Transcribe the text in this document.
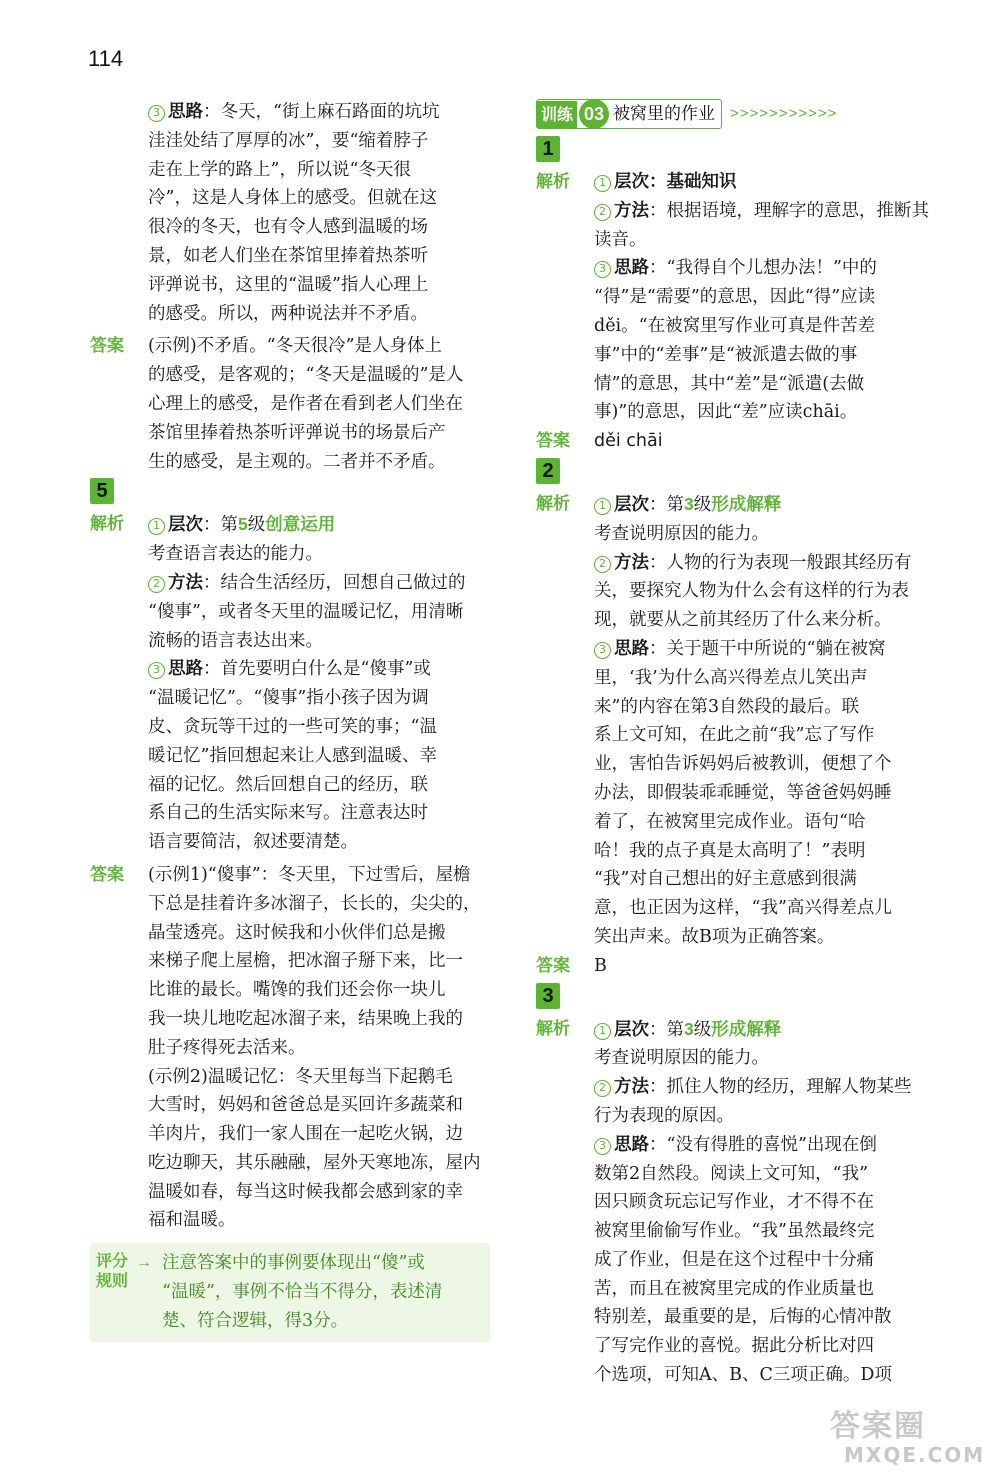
114
3 思路：冬天，“街上麻石路面的坑坑
洼洼处结了厚厚的冰”，要“缩着脖子
走在上学的路上”，所以说“冬天很
冷”，这是人身体上的感受。但就在这
很冷的冬天，也有令人感到温暖的场
景，如老人们坐在茶馆里捧着热茶听
评弹说书，这里的“温暖”指人心理上
的感受。所以，两种说法并不矛盾。
答案	(示例)不矛盾。“冬天很冷”是人身体上
的感受，是客观的；“冬天是温暖的”是人
心理上的感受，是作者在看到老人们坐在
茶馆里捧着热茶听评弹说书的场景后产
生的感受，是主观的。二者并不矛盾。
5
解析	1 层次：第5级创意运用
考查语言表达的能力。
2 方法：结合生活经历，回想自己做过的
“傻事”，或者冬天里的温暖记忆，用清晰
流畅的语言表达出来。
3 思路：首先要明白什么是“傻事”或
“温暖记忆”。“傻事”指小孩子因为调
皮、贪玩等干过的一些可笑的事；“温
暖记忆”指回想起来让人感到温暖、幸
福的记忆。然后回想自己的经历，联
系自己的生活实际来写。注意表达时
语言要简洁，叙述要清楚。
答案	(示例1)“傻事”：冬天里，下过雪后，屋檐
下总是挂着许多冰溜子，长长的，尖尖的，
晶莹透亮。这时候我和小伙伴们总是搬
来梯子爬上屋檐，把冰溜子掰下来，比一
比谁的最长。嘴馋的我们还会你一块儿
我一块儿地吃起冰溜子来，结果晚上我的
肚子疼得死去活来。
(示例2)温暖记忆：冬天里每当下起鹅毛
大雪时，妈妈和爸爸总是买回许多蔬菜和
羊肉片，我们一家人围在一起吃火锅，边
吃边聊天，其乐融融，屋外天寒地冻，屋内
温暖如春，每当这时候我都会感到家的幸
福和温暖。
评分规则
→ 注意答案中的事例要体现出“傻”或
“温暖”，事例不恰当不得分，表述清
楚、符合逻辑，得3分。
训练 03 被窝里的作业 >>>>>>>>>>>
1
解析	1 层次：基础知识
2 方法：根据语境，理解字的意思，推断其
读音。
3 思路：“我得自个儿想办法！”中的
“得”是“需要”的意思，因此“得”应读
děi。“在被窝里写作业可真是件苦差
事”中的“差事”是“被派遣去做的事
情”的意思，其中“差”是“派遣(去做
事)”的意思，因此“差”应读chāi。
答案	děi chāi
2
解析	1 层次：第3级形成解释
考查说明原因的能力。
2 方法：人物的行为表现一般跟其经历有
关，要探究人物为什么会有这样的行为表
现，就要从之前其经历了什么来分析。
3 思路：关于题干中所说的“躺在被窝
里，‘我’为什么高兴得差点儿笑出声
来”的内容在第3自然段的最后。联
系上文可知，在此之前“我”忘了写作
业，害怕告诉妈妈后被教训，便想了个
办法，即假装乖乖睡觉，等爸爸妈妈睡
着了，在被窝里完成作业。语句“哈
哈！我的点子真是太高明了！”表明
“我”对自己想出的好主意感到很满
意，也正因为这样，“我”高兴得差点儿
笑出声来。故B项为正确答案。
答案	B
3
解析	1 层次：第3级形成解释
考查说明原因的能力。
2 方法：抓住人物的经历，理解人物某些
行为表现的原因。
3 思路：“没有得胜的喜悦”出现在倒
数第2自然段。阅读上文可知，“我”
因只顾贪玩忘记写作业，才不得不在
被窝里偷偷写作业。“我”虽然最终完
成了作业，但是在这个过程中十分痛
苦，而且在被窝里完成的作业质量也
特别差，最重要的是，后悔的心情冲散
了写完作业的喜悦。据此分析比对四
个选项，可知A、B、C三项正确。D项
答案圈
MXQE.COM
